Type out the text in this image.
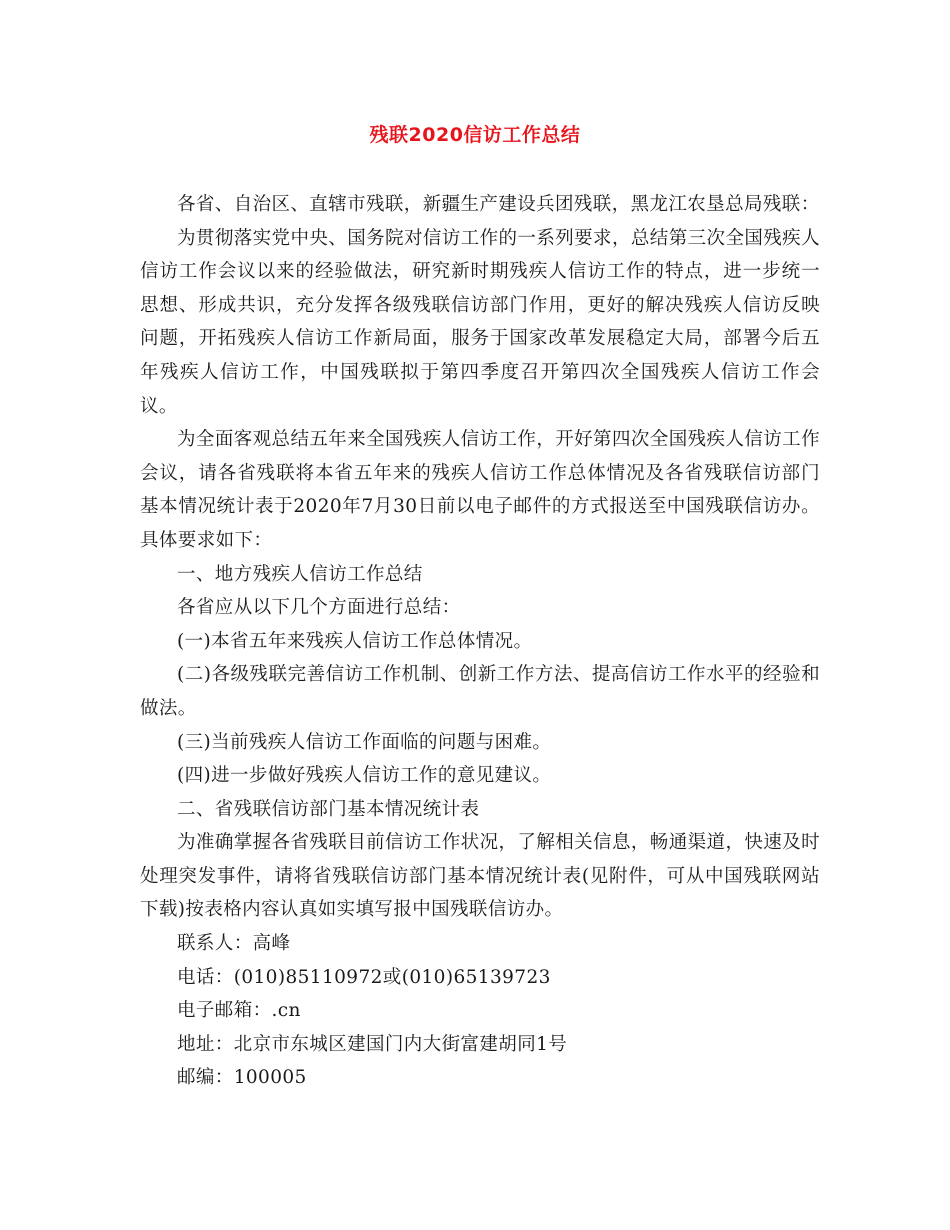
残联2020信访工作总结

各省、自治区、直辖市残联，新疆生产建设兵团残联，黑龙江农垦总局残联：

为贯彻落实党中央、国务院对信访工作的一系列要求，总结第三次全国残疾人信访工作会议以来的经验做法，研究新时期残疾人信访工作的特点，进一步统一思想、形成共识，充分发挥各级残联信访部门作用，更好的解决残疾人信访反映问题，开拓残疾人信访工作新局面，服务于国家改革发展稳定大局，部署今后五年残疾人信访工作，中国残联拟于第四季度召开第四次全国残疾人信访工作会议。

为全面客观总结五年来全国残疾人信访工作，开好第四次全国残疾人信访工作会议，请各省残联将本省五年来的残疾人信访工作总体情况及各省残联信访部门基本情况统计表于2020年7月30日前以电子邮件的方式报送至中国残联信访办。具体要求如下：

一、地方残疾人信访工作总结

各省应从以下几个方面进行总结：

(一)本省五年来残疾人信访工作总体情况。

(二)各级残联完善信访工作机制、创新工作方法、提高信访工作水平的经验和做法。

(三)当前残疾人信访工作面临的问题与困难。

(四)进一步做好残疾人信访工作的意见建议。

二、省残联信访部门基本情况统计表

为准确掌握各省残联目前信访工作状况，了解相关信息，畅通渠道，快速及时处理突发事件，请将省残联信访部门基本情况统计表(见附件，可从中国残联网站下载)按表格内容认真如实填写报中国残联信访办。

联系人：高峰

电话：(010)85110972或(010)65139723

电子邮箱：.cn

地址：北京市东城区建国门内大街富建胡同1号

邮编：100005
